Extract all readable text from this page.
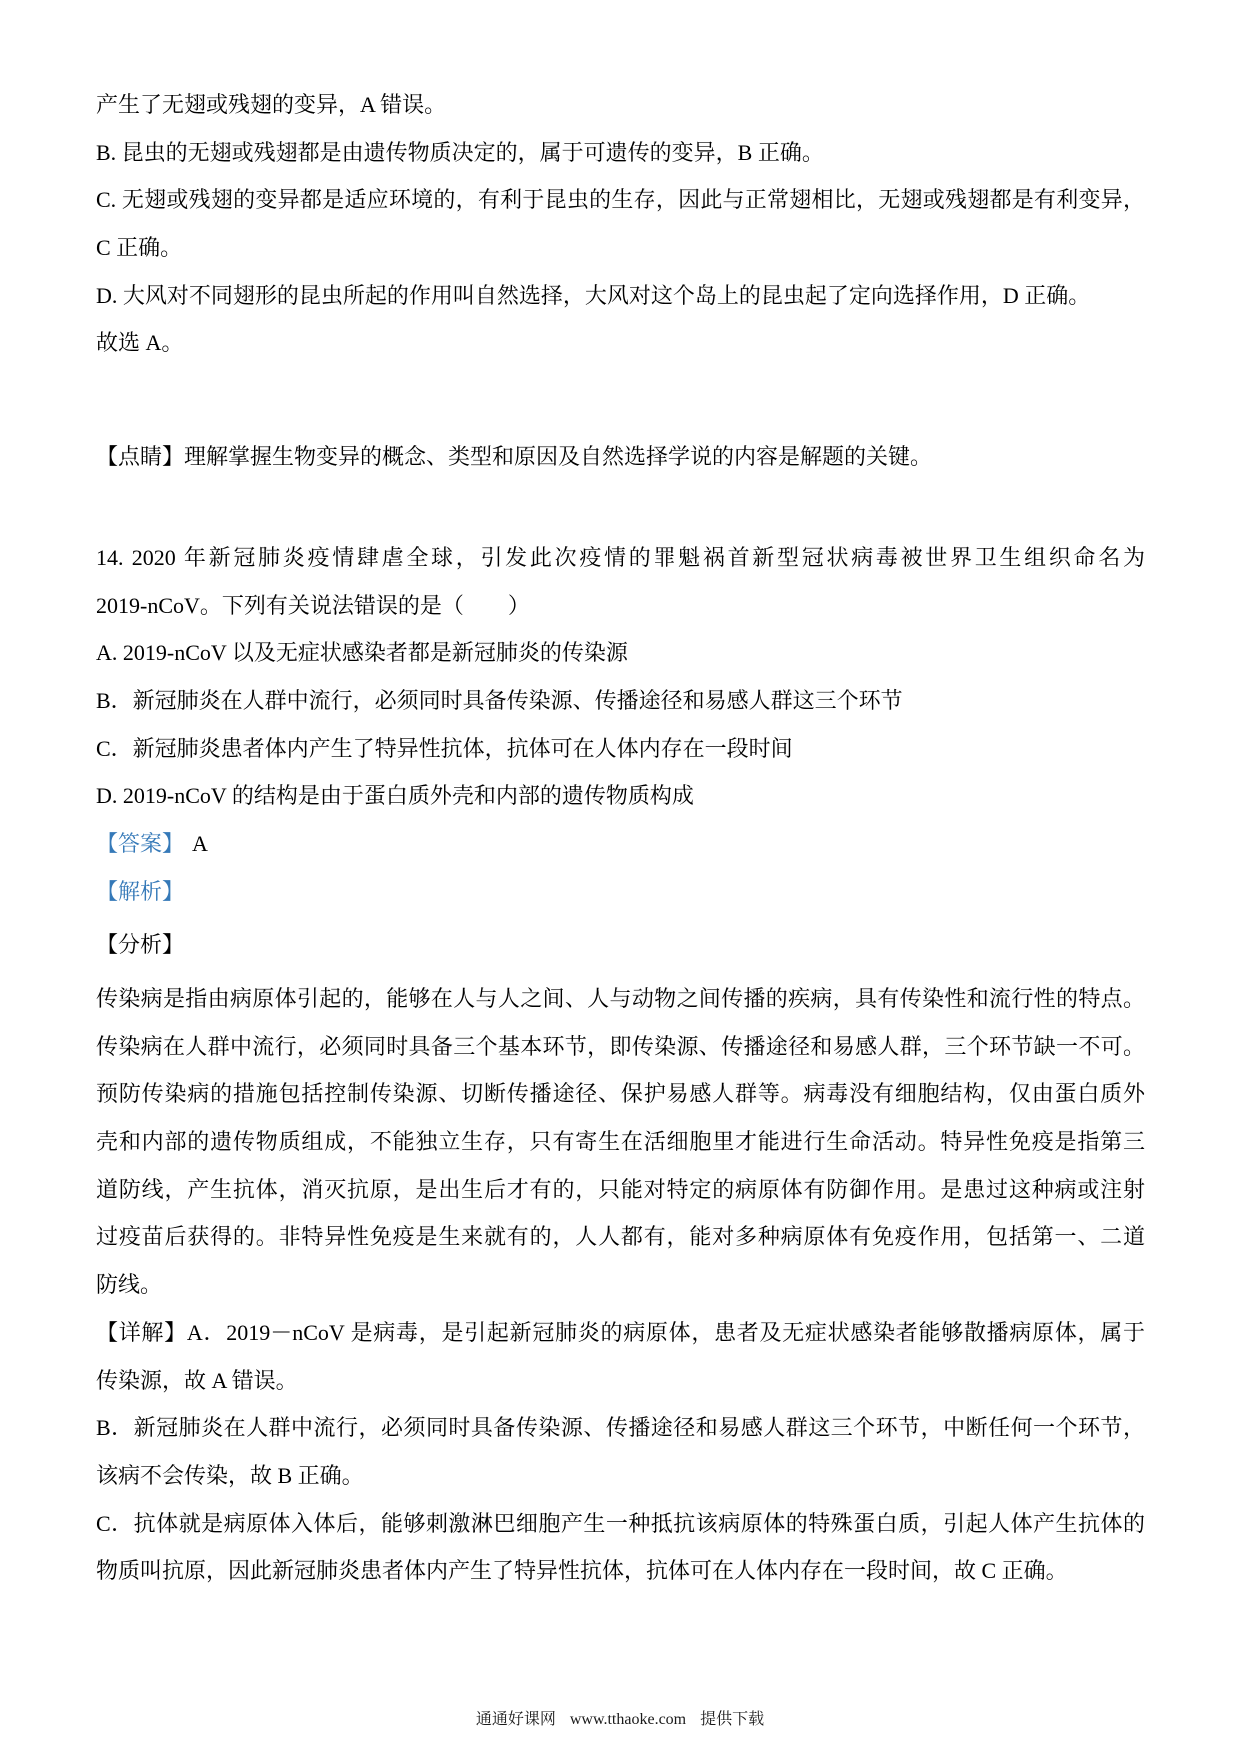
产生了无翅或残翅的变异，A 错误。

B. 昆虫的无翅或残翅都是由遗传物质决定的，属于可遗传的变异，B 正确。

C. 无翅或残翅的变异都是适应环境的，有利于昆虫的生存，因此与正常翅相比，无翅或残翅都是有利变异，

C 正确。

D. 大风对不同翅形的昆虫所起的作用叫自然选择，大风对这个岛上的昆虫起了定向选择作用，D 正确。

故选 A。

【点睛】理解掌握生物变异的概念、类型和原因及自然选择学说的内容是解题的关键。

14. 2020 年新冠肺炎疫情肆虐全球，引发此次疫情的罪魁祸首新型冠状病毒被世界卫生组织命名为

2019-nCoV。下列有关说法错误的是（　　）

A. 2019-nCoV 以及无症状感染者都是新冠肺炎的传染源

B．新冠肺炎在人群中流行，必须同时具备传染源、传播途径和易感人群这三个环节

C．新冠肺炎患者体内产生了特异性抗体，抗体可在人体内存在一段时间

D. 2019-nCoV 的结构是由于蛋白质外壳和内部的遗传物质构成

【答案】 A

【解析】

【分析】

传染病是指由病原体引起的，能够在人与人之间、人与动物之间传播的疾病，具有传染性和流行性的特点。

传染病在人群中流行，必须同时具备三个基本环节，即传染源、传播途径和易感人群，三个环节缺一不可。

预防传染病的措施包括控制传染源、切断传播途径、保护易感人群等。病毒没有细胞结构，仅由蛋白质外

壳和内部的遗传物质组成，不能独立生存，只有寄生在活细胞里才能进行生命活动。特异性免疫是指第三

道防线，产生抗体，消灭抗原，是出生后才有的，只能对特定的病原体有防御作用。是患过这种病或注射

过疫苗后获得的。非特异性免疫是生来就有的，人人都有，能对多种病原体有免疫作用，包括第一、二道

防线。

【详解】A．2019－nCoV 是病毒，是引起新冠肺炎的病原体，患者及无症状感染者能够散播病原体，属于

传染源，故 A 错误。

B．新冠肺炎在人群中流行，必须同时具备传染源、传播途径和易感人群这三个环节，中断任何一个环节，

该病不会传染，故 B 正确。

C．抗体就是病原体入体后，能够刺激淋巴细胞产生一种抵抗该病原体的特殊蛋白质，引起人体产生抗体的

物质叫抗原，因此新冠肺炎患者体内产生了特异性抗体，抗体可在人体内存在一段时间，故 C 正确。

通通好课网 www.tthaoke.com 提供下载
